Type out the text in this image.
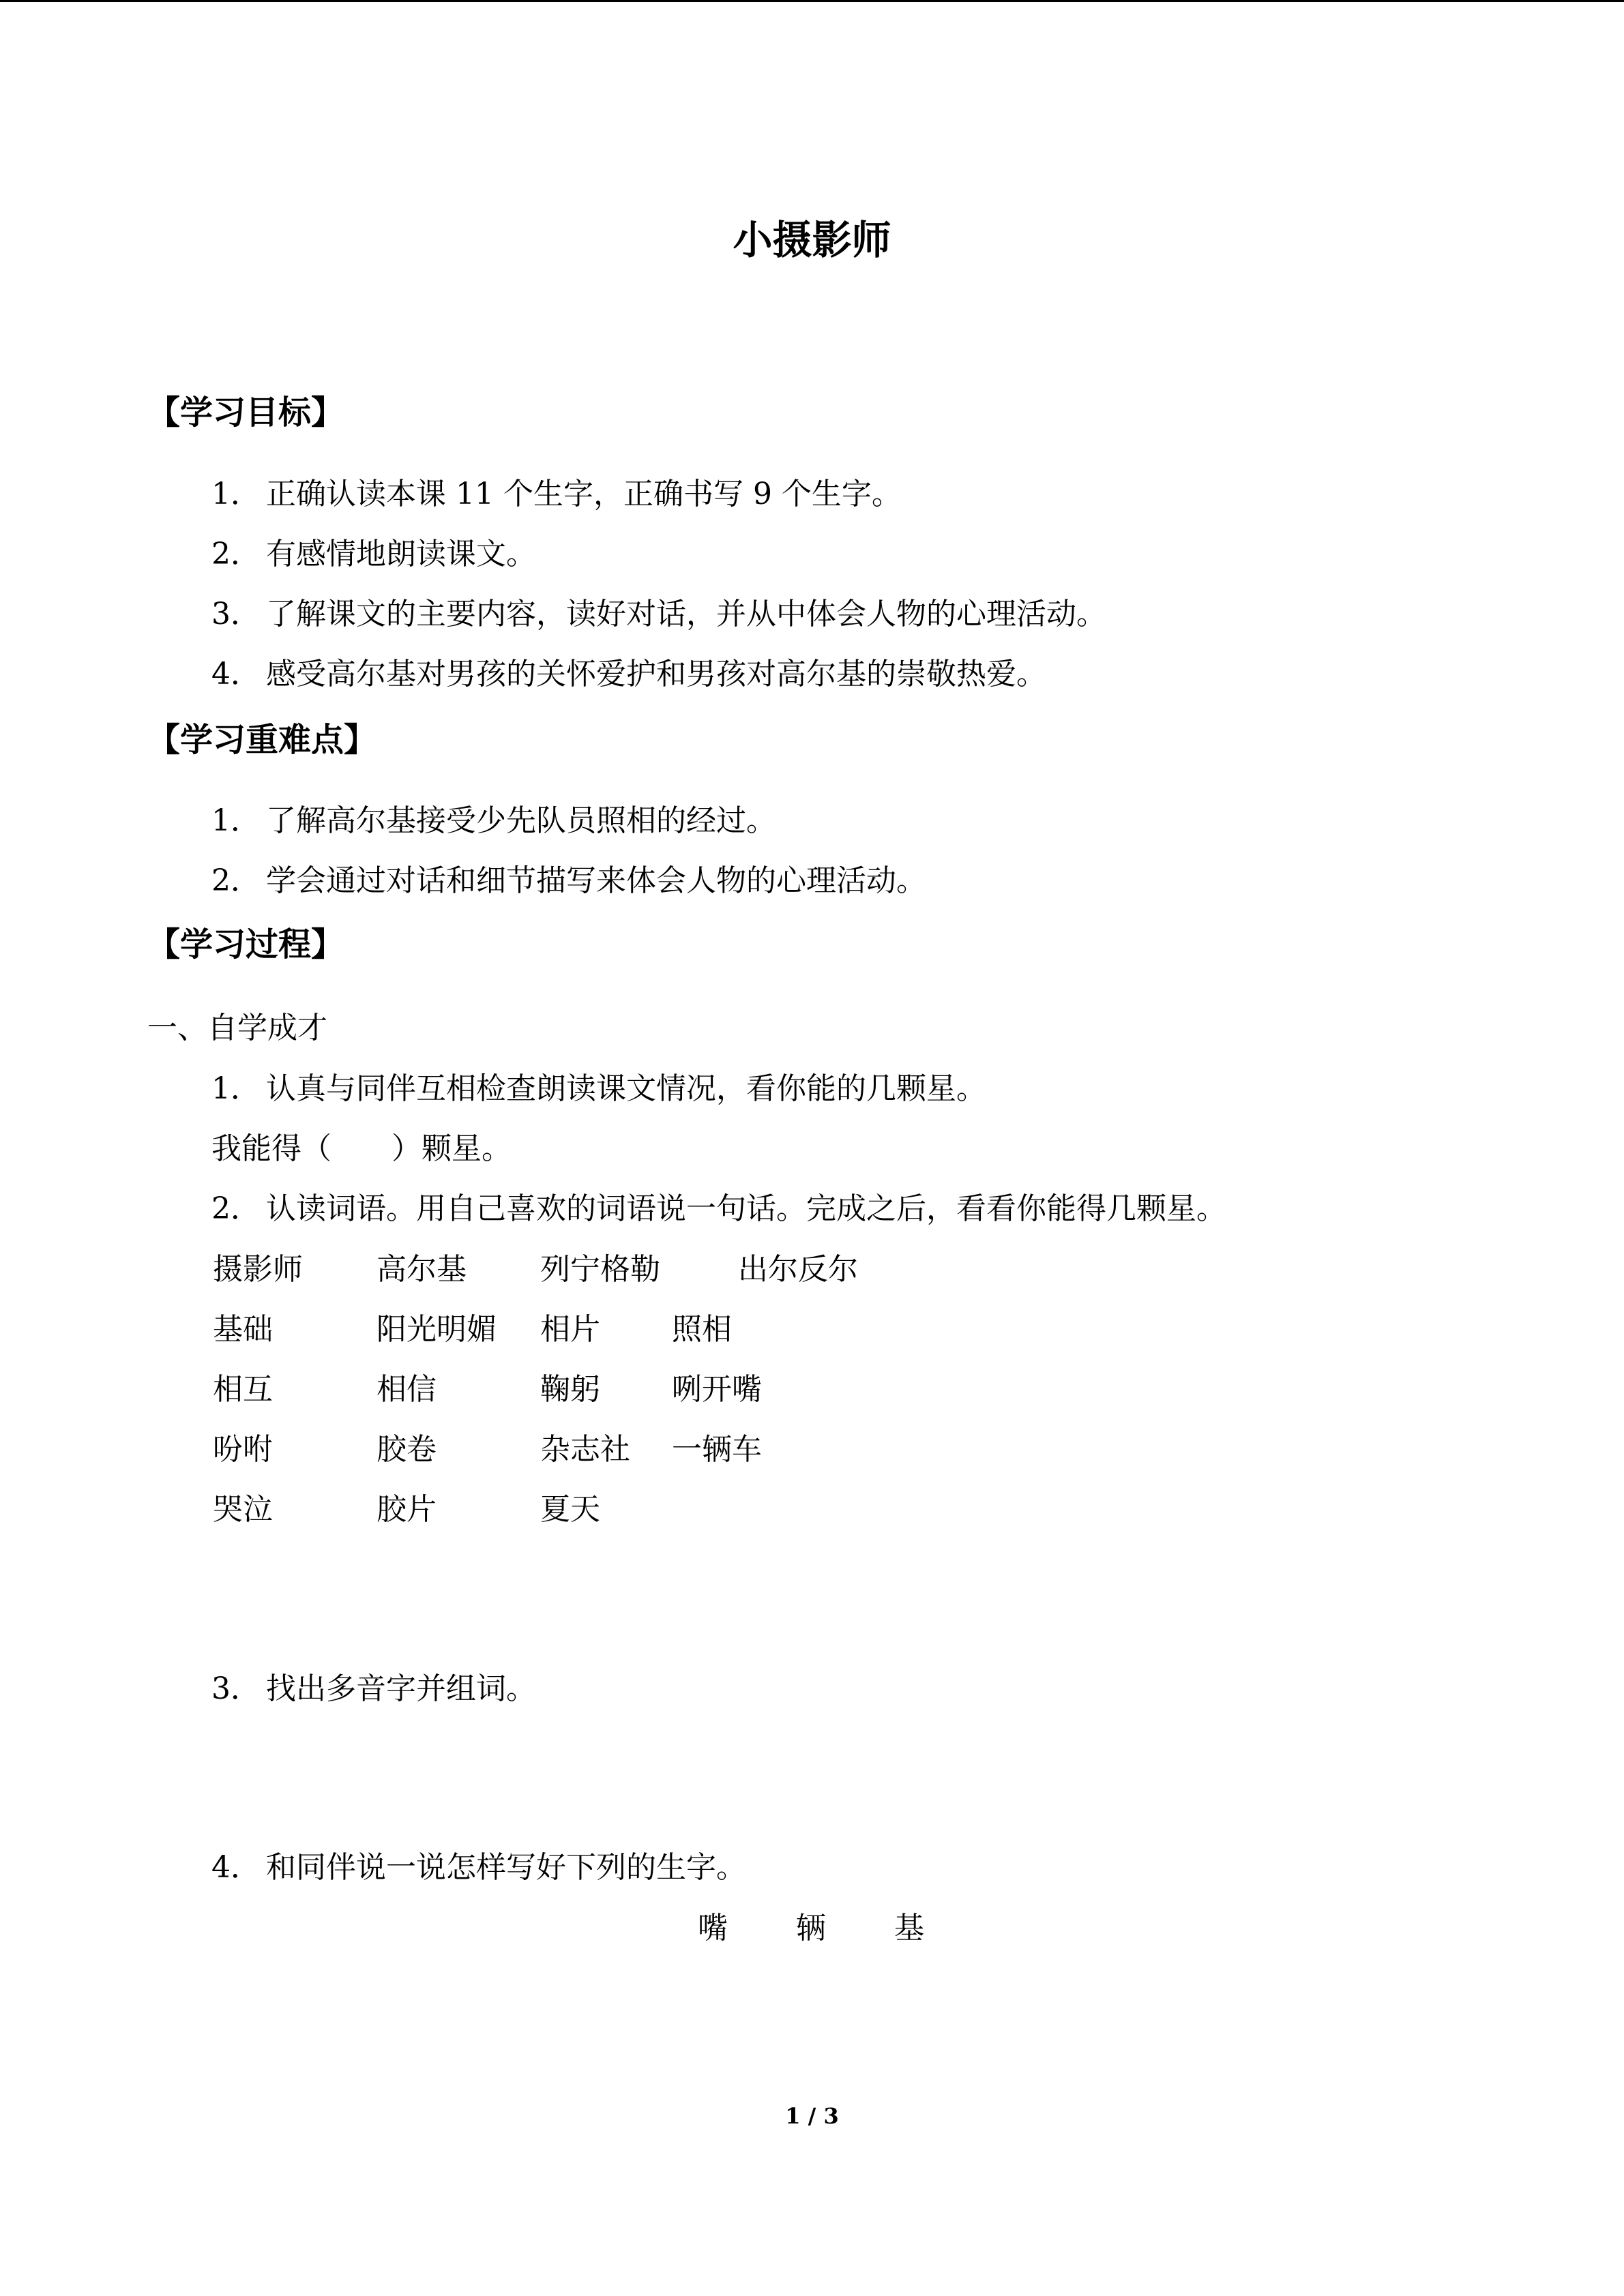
小摄影师
【学习目标】
1． 正确认读本课 11 个生字，正确书写 9 个生字。
2． 有感情地朗读课文。
3． 了解课文的主要内容，读好对话，并从中体会人物的心理活动。
4． 感受高尔基对男孩的关怀爱护和男孩对高尔基的崇敬热爱。
【学习重难点】
1． 了解高尔基接受少先队员照相的经过。
2． 学会通过对话和细节描写来体会人物的心理活动。
【学习过程】
一、自学成才
1． 认真与同伴互相检查朗读课文情况，看你能的几颗星。
我能得（　　）颗星。
2． 认读词语。用自己喜欢的词语说一句话。完成之后，看看你能得几颗星。
摄影师 高尔基 列宁格勒	出尔反尔
基础	阳光明媚 相片 照相
相互	相信	鞠躬 咧开嘴
吩咐	胶卷	杂志社 一辆车
哭泣	胶片	夏天
3． 找出多音字并组词。
4． 和同伴说一说怎样写好下列的生字。
嘴 辆 基
1 / 3
